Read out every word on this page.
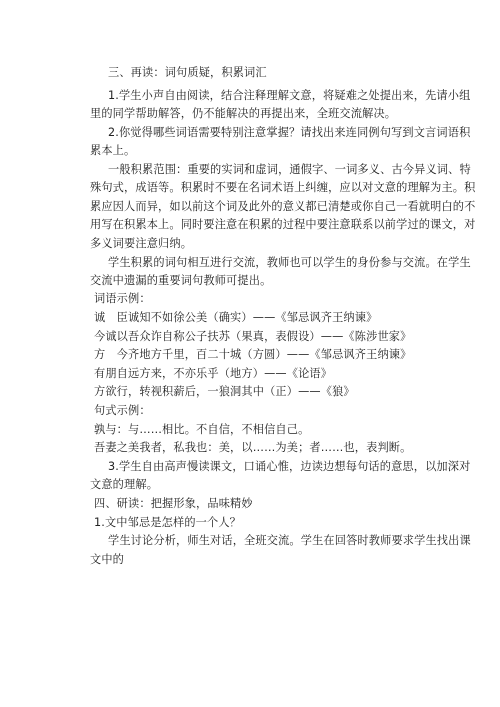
三、再读：词句质疑，积累词汇
1.学生小声自由阅读，结合注释理解文意，将疑难之处提出来，先请小组
里的同学帮助解答，仍不能解决的再提出来，全班交流解决。
2.你觉得哪些词语需要特别注意掌握？请找出来连同例句写到文言词语积
累本上。
一般积累范围：重要的实词和虚词，通假字、一词多义、古今异义词、特
殊句式，成语等。积累时不要在名词术语上纠缠，应以对文意的理解为主。积
累应因人而异，如以前这个词及此外的意义都已清楚或你自己一看就明白的不
用写在积累本上。同时要注意在积累的过程中要注意联系以前学过的课文，对
多义词要注意归纳。
学生积累的词句相互进行交流，教师也可以学生的身份参与交流。在学生
交流中遗漏的重要词句教师可提出。
词语示例：
诚　臣诚知不如徐公美（确实）——《邹忌讽齐王纳谏》
今诚以吾众诈自称公子扶苏（果真，表假设）——《陈涉世家》
方　今齐地方千里，百二十城（方圆）——《邹忌讽齐王纳谏》
有朋自远方来，不亦乐乎（地方）——《论语》
方欲行，转视积薪后，一狼洞其中（正）——《狼》
句式示例：
孰与：与……相比。不自信，不相信自己。
吾妻之美我者，私我也：美，以……为美；者……也，表判断。
3.学生自由高声慢读课文，口诵心惟，边读边想每句话的意思，以加深对
文意的理解。
四、研读：把握形象，品味精妙
1.文中邹忌是怎样的一个人？
学生讨论分析，师生对话，全班交流。学生在回答时教师要求学生找出课
文中的
